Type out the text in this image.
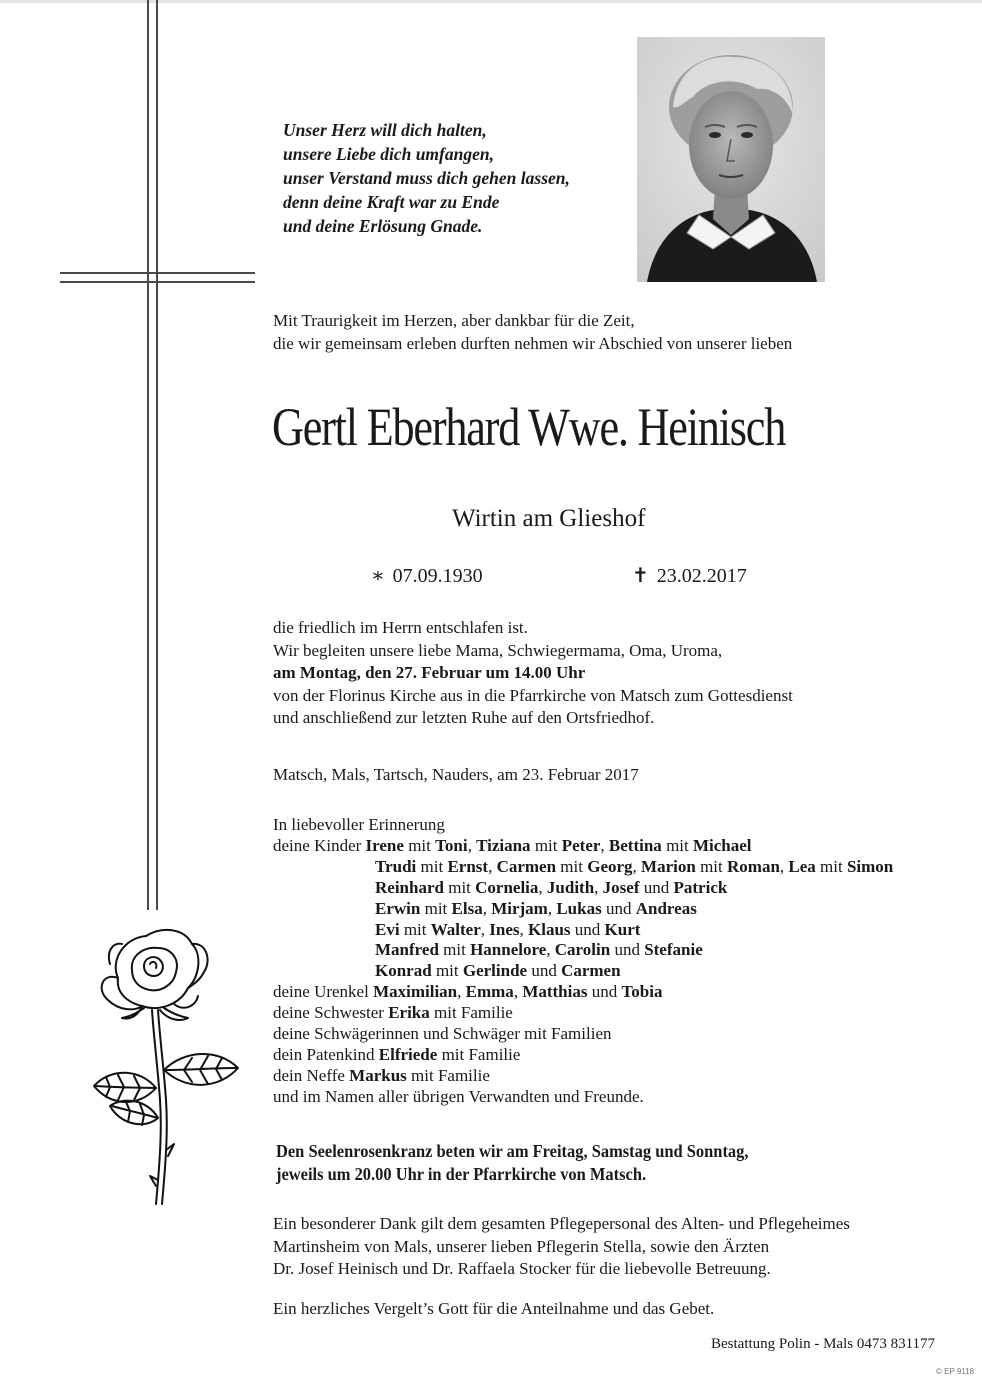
Unser Herz will dich halten,
unsere Liebe dich umfangen,
unser Verstand muss dich gehen lassen,
denn deine Kraft war zu Ende
und deine Erlösung Gnade.
Mit Traurigkeit im Herzen, aber dankbar für die Zeit,
die wir gemeinsam erleben durften nehmen wir Abschied von unserer lieben
Gertl Eberhard Wwe. Heinisch
Wirtin am Glieshof
∗ 07.09.1930	✝ 23.02.2017
die friedlich im Herrn entschlafen ist.
Wir begleiten unsere liebe Mama, Schwiegermama, Oma, Uroma,
am Montag, den 27. Februar um 14.00 Uhr
von der Florinus Kirche aus in die Pfarrkirche von Matsch zum Gottesdienst
und anschließend zur letzten Ruhe auf den Ortsfriedhof.
Matsch, Mals, Tartsch, Nauders, am 23. Februar 2017
In liebevoller Erinnerung
deine Kinder Irene mit Toni, Tiziana mit Peter, Bettina mit Michael
Trudi mit Ernst, Carmen mit Georg, Marion mit Roman, Lea mit Simon
Reinhard mit Cornelia, Judith, Josef und Patrick
Erwin mit Elsa, Mirjam, Lukas und Andreas
Evi mit Walter, Ines, Klaus und Kurt
Manfred mit Hannelore, Carolin und Stefanie
Konrad mit Gerlinde und Carmen
deine Urenkel Maximilian, Emma, Matthias und Tobia
deine Schwester Erika mit Familie
deine Schwägerinnen und Schwäger mit Familien
dein Patenkind Elfriede mit Familie
dein Neffe Markus mit Familie
und im Namen aller übrigen Verwandten und Freunde.
Den Seelenrosenkranz beten wir am Freitag, Samstag und Sonntag,
jeweils um 20.00 Uhr in der Pfarrkirche von Matsch.
Ein besonderer Dank gilt dem gesamten Pflegepersonal des Alten- und Pflegeheimes
Martinsheim von Mals, unserer lieben Pflegerin Stella, sowie den Ärzten
Dr. Josef Heinisch und Dr. Raffaela Stocker für die liebevolle Betreuung.
Ein herzliches Vergelt’s Gott für die Anteilnahme und das Gebet.
Bestattung Polin - Mals 0473 831177
© EP 9118
